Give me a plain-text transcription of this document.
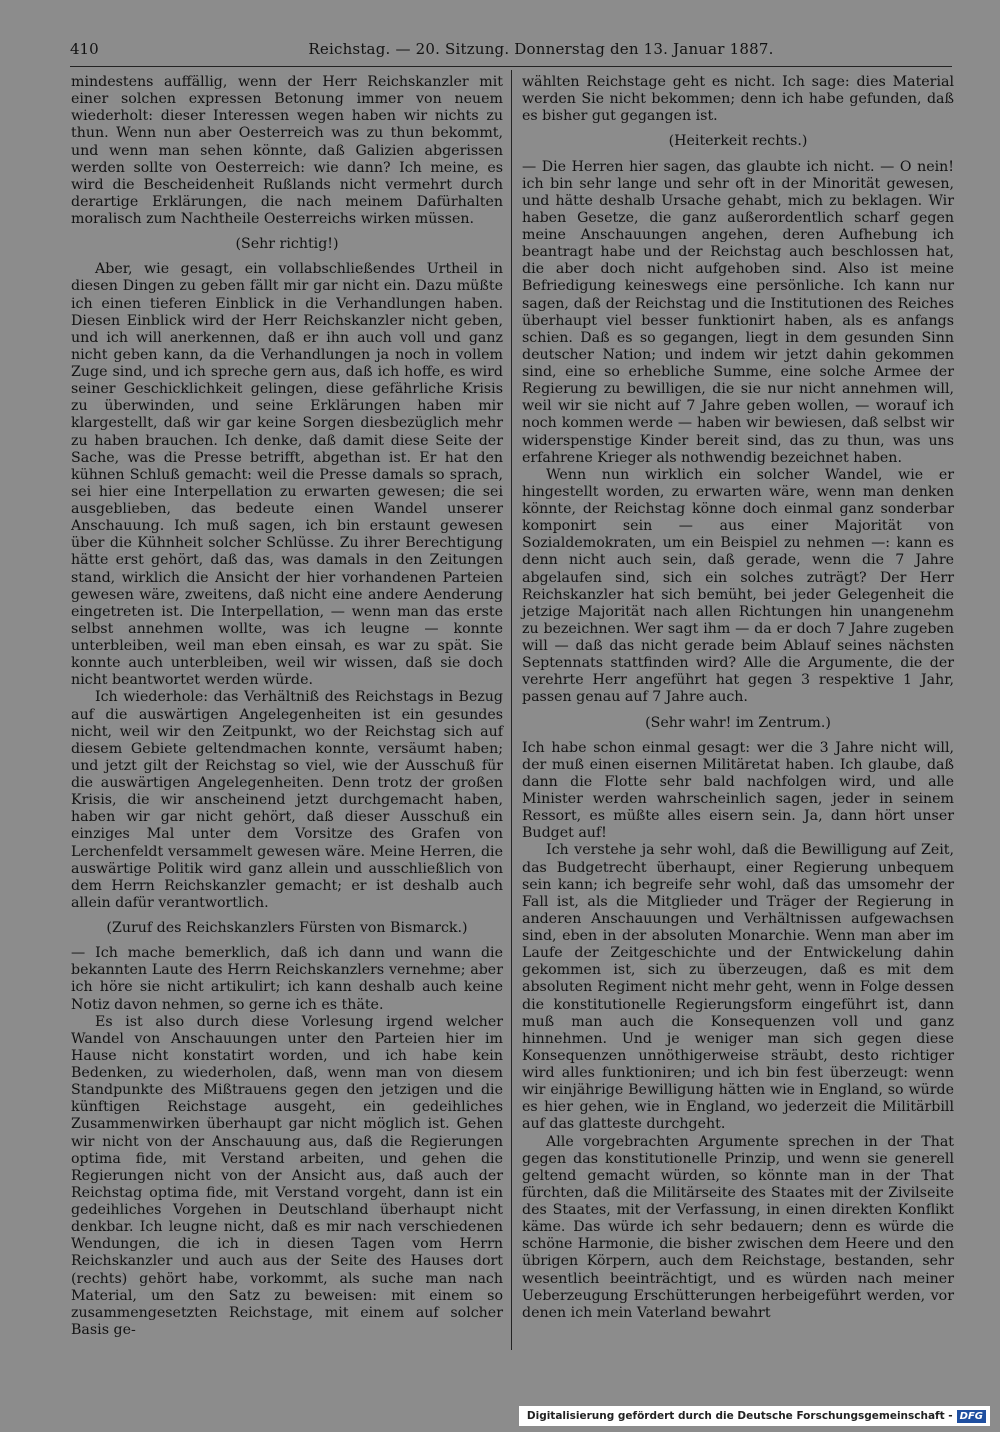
410	Reichstag. — 20. Sitzung. Donnerstag den 13. Januar 1887.

mindestens auffällig, wenn der Herr Reichskanzler mit einer solchen expressen Betonung immer von neuem wiederholt: dieser Interessen wegen haben wir nichts zu thun. Wenn nun aber Oesterreich was zu thun bekommt, und wenn man sehen könnte, daß Galizien abgerissen werden sollte von Oesterreich: wie dann? Ich meine, es wird die Bescheidenheit Rußlands nicht vermehrt durch derartige Erklärungen, die nach meinem Dafürhalten moralisch zum Nachtheile Oesterreichs wirken müssen.

(Sehr richtig!)

Aber, wie gesagt, ein vollabschließendes Urtheil in diesen Dingen zu geben fällt mir gar nicht ein. Dazu müßte ich einen tieferen Einblick in die Verhandlungen haben. Diesen Einblick wird der Herr Reichskanzler nicht geben, und ich will anerkennen, daß er ihn auch voll und ganz nicht geben kann, da die Verhandlungen ja noch in vollem Zuge sind, und ich spreche gern aus, daß ich hoffe, es wird seiner Geschicklichkeit gelingen, diese gefährliche Krisis zu überwinden, und seine Erklärungen haben mir klargestellt, daß wir gar keine Sorgen diesbezüglich mehr zu haben brauchen. Ich denke, daß damit diese Seite der Sache, was die Presse betrifft, abgethan ist. Er hat den kühnen Schluß gemacht: weil die Presse damals so sprach, sei hier eine Interpellation zu erwarten gewesen; die sei ausgeblieben, das bedeute einen Wandel unserer Anschauung. Ich muß sagen, ich bin erstaunt gewesen über die Kühnheit solcher Schlüsse. Zu ihrer Berechtigung hätte erst gehört, daß das, was damals in den Zeitungen stand, wirklich die Ansicht der hier vorhandenen Parteien gewesen wäre, zweitens, daß nicht eine andere Aenderung eingetreten ist. Die Interpellation, — wenn man das erste selbst annehmen wollte, was ich leugne — konnte unterbleiben, weil man eben einsah, es war zu spät. Sie konnte auch unterbleiben, weil wir wissen, daß sie doch nicht beantwortet werden würde.

Ich wiederhole: das Verhältniß des Reichstags in Bezug auf die auswärtigen Angelegenheiten ist ein gesundes nicht, weil wir den Zeitpunkt, wo der Reichstag sich auf diesem Gebiete geltendmachen konnte, versäumt haben; und jetzt gilt der Reichstag so viel, wie der Ausschuß für die auswärtigen Angelegenheiten. Denn trotz der großen Krisis, die wir anscheinend jetzt durchgemacht haben, haben wir gar nicht gehört, daß dieser Ausschuß ein einziges Mal unter dem Vorsitze des Grafen von Lerchenfeldt versammelt gewesen wäre. Meine Herren, die auswärtige Politik wird ganz allein und ausschließlich von dem Herrn Reichskanzler gemacht; er ist deshalb auch allein dafür verantwortlich.

(Zuruf des Reichskanzlers Fürsten von Bismarck.)

— Ich mache bemerklich, daß ich dann und wann die bekannten Laute des Herrn Reichskanzlers vernehme; aber ich höre sie nicht artikulirt; ich kann deshalb auch keine Notiz davon nehmen, so gerne ich es thäte.

Es ist also durch diese Vorlesung irgend welcher Wandel von Anschauungen unter den Parteien hier im Hause nicht konstatirt worden, und ich habe kein Bedenken, zu wiederholen, daß, wenn man von diesem Standpunkte des Mißtrauens gegen den jetzigen und die künftigen Reichstage ausgeht, ein gedeihliches Zusammenwirken überhaupt gar nicht möglich ist. Gehen wir nicht von der Anschauung aus, daß die Regierungen optima fide, mit Verstand arbeiten, und gehen die Regierungen nicht von der Ansicht aus, daß auch der Reichstag optima fide, mit Verstand vorgeht, dann ist ein gedeihliches Vorgehen in Deutschland überhaupt nicht denkbar. Ich leugne nicht, daß es mir nach verschiedenen Wendungen, die ich in diesen Tagen vom Herrn Reichskanzler und auch aus der Seite des Hauses dort (rechts) gehört habe, vorkommt, als suche man nach Material, um den Satz zu beweisen: mit einem so zusammengesetzten Reichstage, mit einem auf solcher Basis ge-

wählten Reichstage geht es nicht. Ich sage: dies Material werden Sie nicht bekommen; denn ich habe gefunden, daß es bisher gut gegangen ist.

(Heiterkeit rechts.)

— Die Herren hier sagen, das glaubte ich nicht. — O nein! ich bin sehr lange und sehr oft in der Minorität gewesen, und hätte deshalb Ursache gehabt, mich zu beklagen. Wir haben Gesetze, die ganz außerordentlich scharf gegen meine Anschauungen angehen, deren Aufhebung ich beantragt habe und der Reichstag auch beschlossen hat, die aber doch nicht aufgehoben sind. Also ist meine Befriedigung keineswegs eine persönliche. Ich kann nur sagen, daß der Reichstag und die Institutionen des Reiches überhaupt viel besser funktionirt haben, als es anfangs schien. Daß es so gegangen, liegt in dem gesunden Sinn deutscher Nation; und indem wir jetzt dahin gekommen sind, eine so erhebliche Summe, eine solche Armee der Regierung zu bewilligen, die sie nur nicht annehmen will, weil wir sie nicht auf 7 Jahre geben wollen, — worauf ich noch kommen werde — haben wir bewiesen, daß selbst wir widerspenstige Kinder bereit sind, das zu thun, was uns erfahrene Krieger als nothwendig bezeichnet haben.

Wenn nun wirklich ein solcher Wandel, wie er hingestellt worden, zu erwarten wäre, wenn man denken könnte, der Reichstag könne doch einmal ganz sonderbar komponirt sein — aus einer Majorität von Sozialdemokraten, um ein Beispiel zu nehmen —: kann es denn nicht auch sein, daß gerade, wenn die 7 Jahre abgelaufen sind, sich ein solches zuträgt? Der Herr Reichskanzler hat sich bemüht, bei jeder Gelegenheit die jetzige Majorität nach allen Richtungen hin unangenehm zu bezeichnen. Wer sagt ihm — da er doch 7 Jahre zugeben will — daß das nicht gerade beim Ablauf seines nächsten Septennats stattfinden wird? Alle die Argumente, die der verehrte Herr angeführt hat gegen 3 respektive 1 Jahr, passen genau auf 7 Jahre auch.

(Sehr wahr! im Zentrum.)

Ich habe schon einmal gesagt: wer die 3 Jahre nicht will, der muß einen eisernen Militäretat haben. Ich glaube, daß dann die Flotte sehr bald nachfolgen wird, und alle Minister werden wahrscheinlich sagen, jeder in seinem Ressort, es müßte alles eisern sein. Ja, dann hört unser Budget auf!

Ich verstehe ja sehr wohl, daß die Bewilligung auf Zeit, das Budgetrecht überhaupt, einer Regierung unbequem sein kann; ich begreife sehr wohl, daß das umsomehr der Fall ist, als die Mitglieder und Träger der Regierung in anderen Anschauungen und Verhältnissen aufgewachsen sind, eben in der absoluten Monarchie. Wenn man aber im Laufe der Zeitgeschichte und der Entwickelung dahin gekommen ist, sich zu überzeugen, daß es mit dem absoluten Regiment nicht mehr geht, wenn in Folge dessen die konstitutionelle Regierungsform eingeführt ist, dann muß man auch die Konsequenzen voll und ganz hinnehmen. Und je weniger man sich gegen diese Konsequenzen unnöthigerweise sträubt, desto richtiger wird alles funktioniren; und ich bin fest überzeugt: wenn wir einjährige Bewilligung hätten wie in England, so würde es hier gehen, wie in England, wo jederzeit die Militärbill auf das glatteste durchgeht.

Alle vorgebrachten Argumente sprechen in der That gegen das konstitutionelle Prinzip, und wenn sie generell geltend gemacht würden, so könnte man in der That fürchten, daß die Militärseite des Staates mit der Zivilseite des Staates, mit der Verfassung, in einen direkten Konflikt käme. Das würde ich sehr bedauern; denn es würde die schöne Harmonie, die bisher zwischen dem Heere und den übrigen Körpern, auch dem Reichstage, bestanden, sehr wesentlich beeinträchtigt, und es würden nach meiner Ueberzeugung Erschütterungen herbeigeführt werden, vor denen ich mein Vaterland bewahrt

Digitalisierung gefördert durch die Deutsche Forschungsgemeinschaft - DFG
